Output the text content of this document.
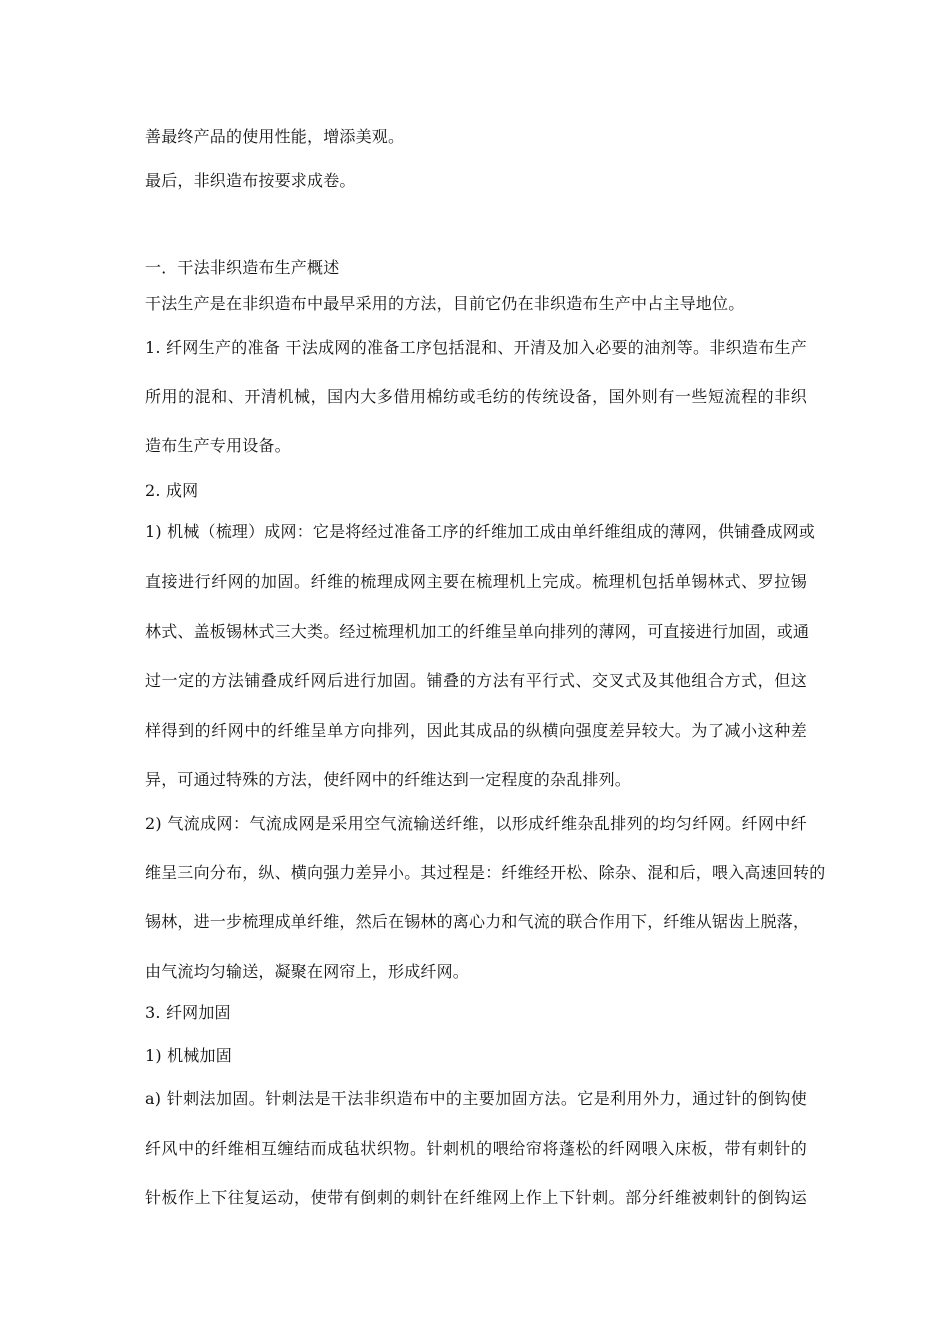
善最终产品的使用性能，增添美观。
最后，非织造布按要求成卷。
一．干法非织造布生产概述
干法生产是在非织造布中最早采用的方法，目前它仍在非织造布生产中占主导地位。
1. 纤网生产的准备 干法成网的准备工序包括混和、开清及加入必要的油剂等。非织造布生产
所用的混和、开清机械，国内大多借用棉纺或毛纺的传统设备，国外则有一些短流程的非织
造布生产专用设备。
2. 成网
1) 机械（梳理）成网：它是将经过准备工序的纤维加工成由单纤维组成的薄网，供铺叠成网或
直接进行纤网的加固。纤维的梳理成网主要在梳理机上完成。梳理机包括单锡林式、罗拉锡
林式、盖板锡林式三大类。经过梳理机加工的纤维呈单向排列的薄网，可直接进行加固，或通
过一定的方法铺叠成纤网后进行加固。铺叠的方法有平行式、交叉式及其他组合方式，但这
样得到的纤网中的纤维呈单方向排列，因此其成品的纵横向强度差异较大。为了减小这种差
异，可通过特殊的方法，使纤网中的纤维达到一定程度的杂乱排列。
2) 气流成网：气流成网是采用空气流输送纤维，以形成纤维杂乱排列的均匀纤网。纤网中纤
维呈三向分布，纵、横向强力差异小。其过程是：纤维经开松、除杂、混和后，喂入高速回转的
锡林，进一步梳理成单纤维，然后在锡林的离心力和气流的联合作用下，纤维从锯齿上脱落，
由气流均匀输送，凝聚在网帘上，形成纤网。
3. 纤网加固
1) 机械加固
a) 针刺法加固。针刺法是干法非织造布中的主要加固方法。它是利用外力，通过针的倒钩使
纤风中的纤维相互缠结而成毡状织物。针刺机的喂给帘将蓬松的纤网喂入床板，带有刺针的
针板作上下往复运动，使带有倒刺的刺针在纤维网上作上下针刺。部分纤维被刺针的倒钩运
